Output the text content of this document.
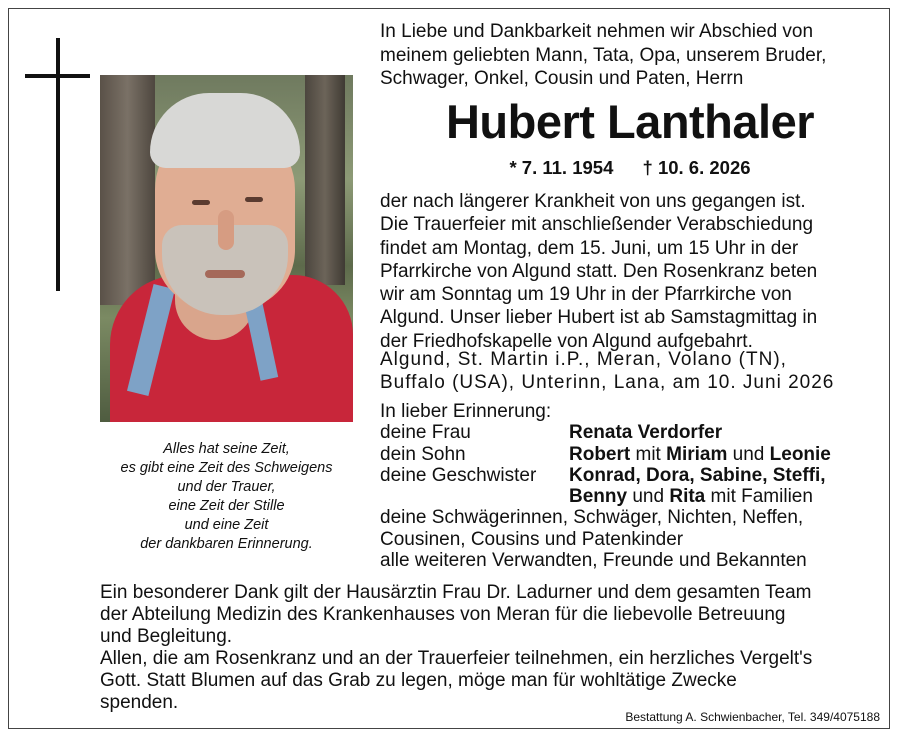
Alles hat seine Zeit,
es gibt eine Zeit des Schweigens
und der Trauer,
eine Zeit der Stille
und eine Zeit
der dankbaren Erinnerung.
In Liebe und Dankbarkeit nehmen wir Abschied von
meinem geliebten Mann, Tata, Opa, unserem Bruder,
Schwager, Onkel, Cousin und Paten, Herrn
Hubert Lanthaler
* 7. 11. 1954 † 10. 6. 2026
der nach längerer Krankheit von uns gegangen ist.
Die Trauerfeier mit anschließender Verabschiedung
findet am Montag, dem 15. Juni, um 15 Uhr in der
Pfarrkirche von Algund statt. Den Rosenkranz beten
wir am Sonntag um 19 Uhr in der Pfarrkirche von
Algund. Unser lieber Hubert ist ab Samstagmittag in
der Friedhofskapelle von Algund aufgebahrt.
Algund, St. Martin i.P., Meran, Volano (TN),
Buffalo (USA), Unterinn, Lana, am 10. Juni 2026
In lieber Erinnerung:
deine Frau	Renata Verdorfer
dein Sohn	Robert mit Miriam und Leonie
deine Geschwister Konrad, Dora, Sabine, Steffi,
Benny und Rita mit Familien
deine Schwägerinnen, Schwäger, Nichten, Neffen,
Cousinen, Cousins und Patenkinder
alle weiteren Verwandten, Freunde und Bekannten
Ein besonderer Dank gilt der Hausärztin Frau Dr. Ladurner und dem gesamten Team
der Abteilung Medizin des Krankenhauses von Meran für die liebevolle Betreuung
und Begleitung.
Allen, die am Rosenkranz und an der Trauerfeier teilnehmen, ein herzliches Vergelt's
Gott. Statt Blumen auf das Grab zu legen, möge man für wohltätige Zwecke
spenden.
Bestattung A. Schwienbacher, Tel. 349/4075188
